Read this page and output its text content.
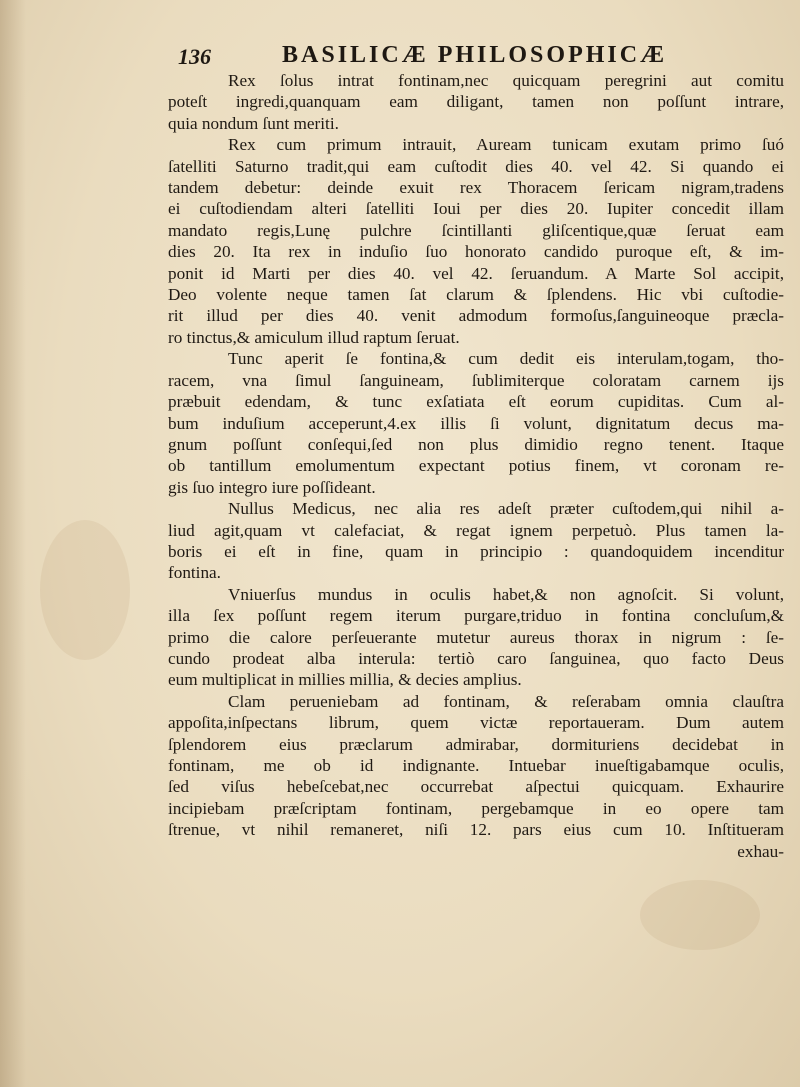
136	BASILICÆ PHILOSOPHICÆ
Rex ſolus intrat fontinam,nec quicquam peregrini aut comitu
poteſt ingredi,quanquam eam diligant, tamen non poſſunt intrare,
quia nondum ſunt meriti.
Rex cum primum intrauit, Auream tunicam exutam primo ſuó
ſatelliti Saturno tradit,qui eam cuſtodit dies 40. vel 42. Si quando ei
tandem debetur: deinde exuit rex Thoracem ſericam nigram,tradens
ei cuſtodiendam alteri ſatelliti Ioui per dies 20. Iupiter concedit illam
mandato regis,Lunę pulchre ſcintillanti gliſcentique,quæ ſeruat eam
dies 20. Ita rex in induſio ſuo honorato candido puroque eſt, & im-
ponit id Marti per dies 40. vel 42. ſeruandum. A Marte Sol accipit,
Deo volente neque tamen ſat clarum & ſplendens. Hic vbi cuſtodie-
rit illud per dies 40. venit admodum formoſus,ſanguineoque præcla-
ro tinctus,& amiculum illud raptum ſeruat.
Tunc aperit ſe fontina,& cum dedit eis interulam,togam, tho-
racem, vna ſimul ſanguineam, ſublimiterque coloratam carnem ijs
præbuit edendam, & tunc exſatiata eſt eorum cupiditas. Cum al-
bum induſium acceperunt,4.ex illis ſi volunt, dignitatum decus ma-
gnum poſſunt conſequi,ſed non plus dimidio regno tenent. Itaque
ob tantillum emolumentum expectant potius finem, vt coronam re-
gis ſuo integro iure poſſideant.
Nullus Medicus, nec alia res adeſt præter cuſtodem,qui nihil a-
liud agit,quam vt calefaciat, & regat ignem perpetuò. Plus tamen la-
boris ei eſt in fine, quam in principio : quandoquidem incenditur
fontina.
Vniuerſus mundus in oculis habet,& non agnoſcit. Si volunt,
illa ſex poſſunt regem iterum purgare,triduo in fontina concluſum,&
primo die calore perſeuerante mutetur aureus thorax in nigrum : ſe-
cundo prodeat alba interula: tertiò caro ſanguinea, quo facto Deus
eum multiplicat in millies millia, & decies amplius.
Clam perueniebam ad fontinam, & reſerabam omnia clauſtra
appoſita,inſpectans librum, quem victæ reportaueram. Dum autem
ſplendorem eius præclarum admirabar, dormituriens decidebat in
fontinam, me ob id indignante. Intuebar inueſtigabamque oculis,
ſed viſus hebeſcebat,nec occurrebat aſpectui quicquam. Exhaurire
incipiebam præſcriptam fontinam, pergebamque in eo opere tam
ſtrenue, vt nihil remaneret, niſi 12. pars eius cum 10. Inſtitueram
exhau-
